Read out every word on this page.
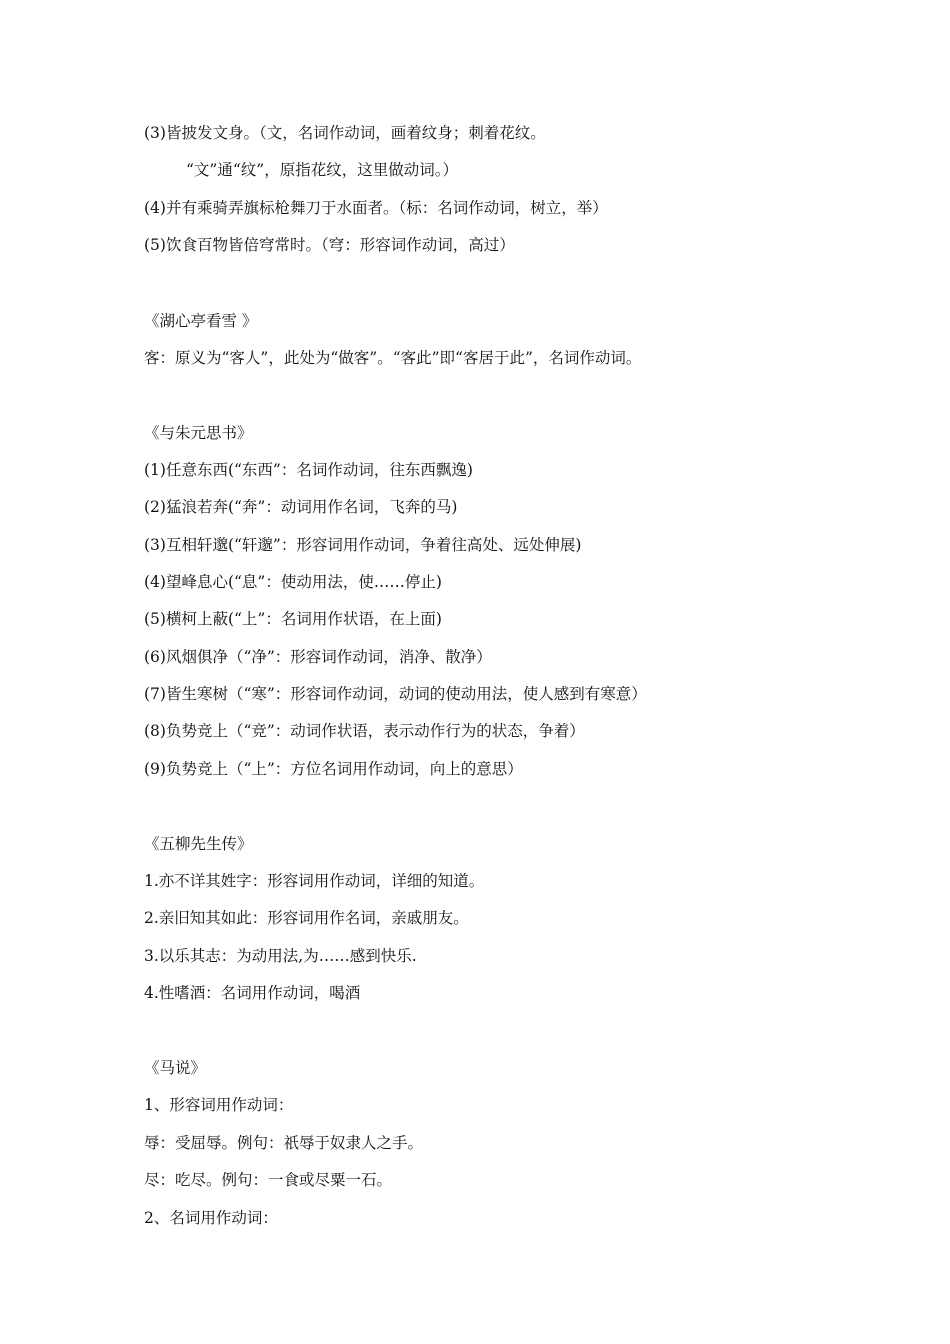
(3)皆披发文身。（文，名词作动词，画着纹身；刺着花纹。
“文”通“纹”，原指花纹，这里做动词。）
(4)并有乘骑弄旗标枪舞刀于水面者。（标：名词作动词，树立，举）
(5)饮食百物皆倍穹常时。（穹：形容词作动词，高过）
《湖心亭看雪 》
客：原义为“客人”，此处为“做客”。“客此”即“客居于此”，名词作动词。
《与朱元思书》
(1)任意东西(“东西”：名词作动词，往东西飘逸)
(2)猛浪若奔(“奔”：动词用作名词，飞奔的马)
(3)互相轩邈(“轩邈”：形容词用作动词，争着往高处、远处伸展)
(4)望峰息心(“息”：使动用法，使……停止)
(5)横柯上蔽(“上”：名词用作状语，在上面)
(6)风烟俱净（“净”：形容词作动词，消净、散净）
(7)皆生寒树（“寒”：形容词作动词，动词的使动用法，使人感到有寒意）
(8)负势竞上（“竞”：动词作状语，表示动作行为的状态，争着）
(9)负势竞上（“上”：方位名词用作动词，向上的意思）
《五柳先生传》
1.亦不详其姓字：形容词用作动词，详细的知道。
2.亲旧知其如此：形容词用作名词，亲戚朋友。
3.以乐其志：为动用法,为……感到快乐.
4.性嗜酒：名词用作动词，喝酒
《马说》
1、形容词用作动词：
辱：受屈辱。例句：祇辱于奴隶人之手。
尽：吃尽。例句：一食或尽粟一石。
2、名词用作动词：
